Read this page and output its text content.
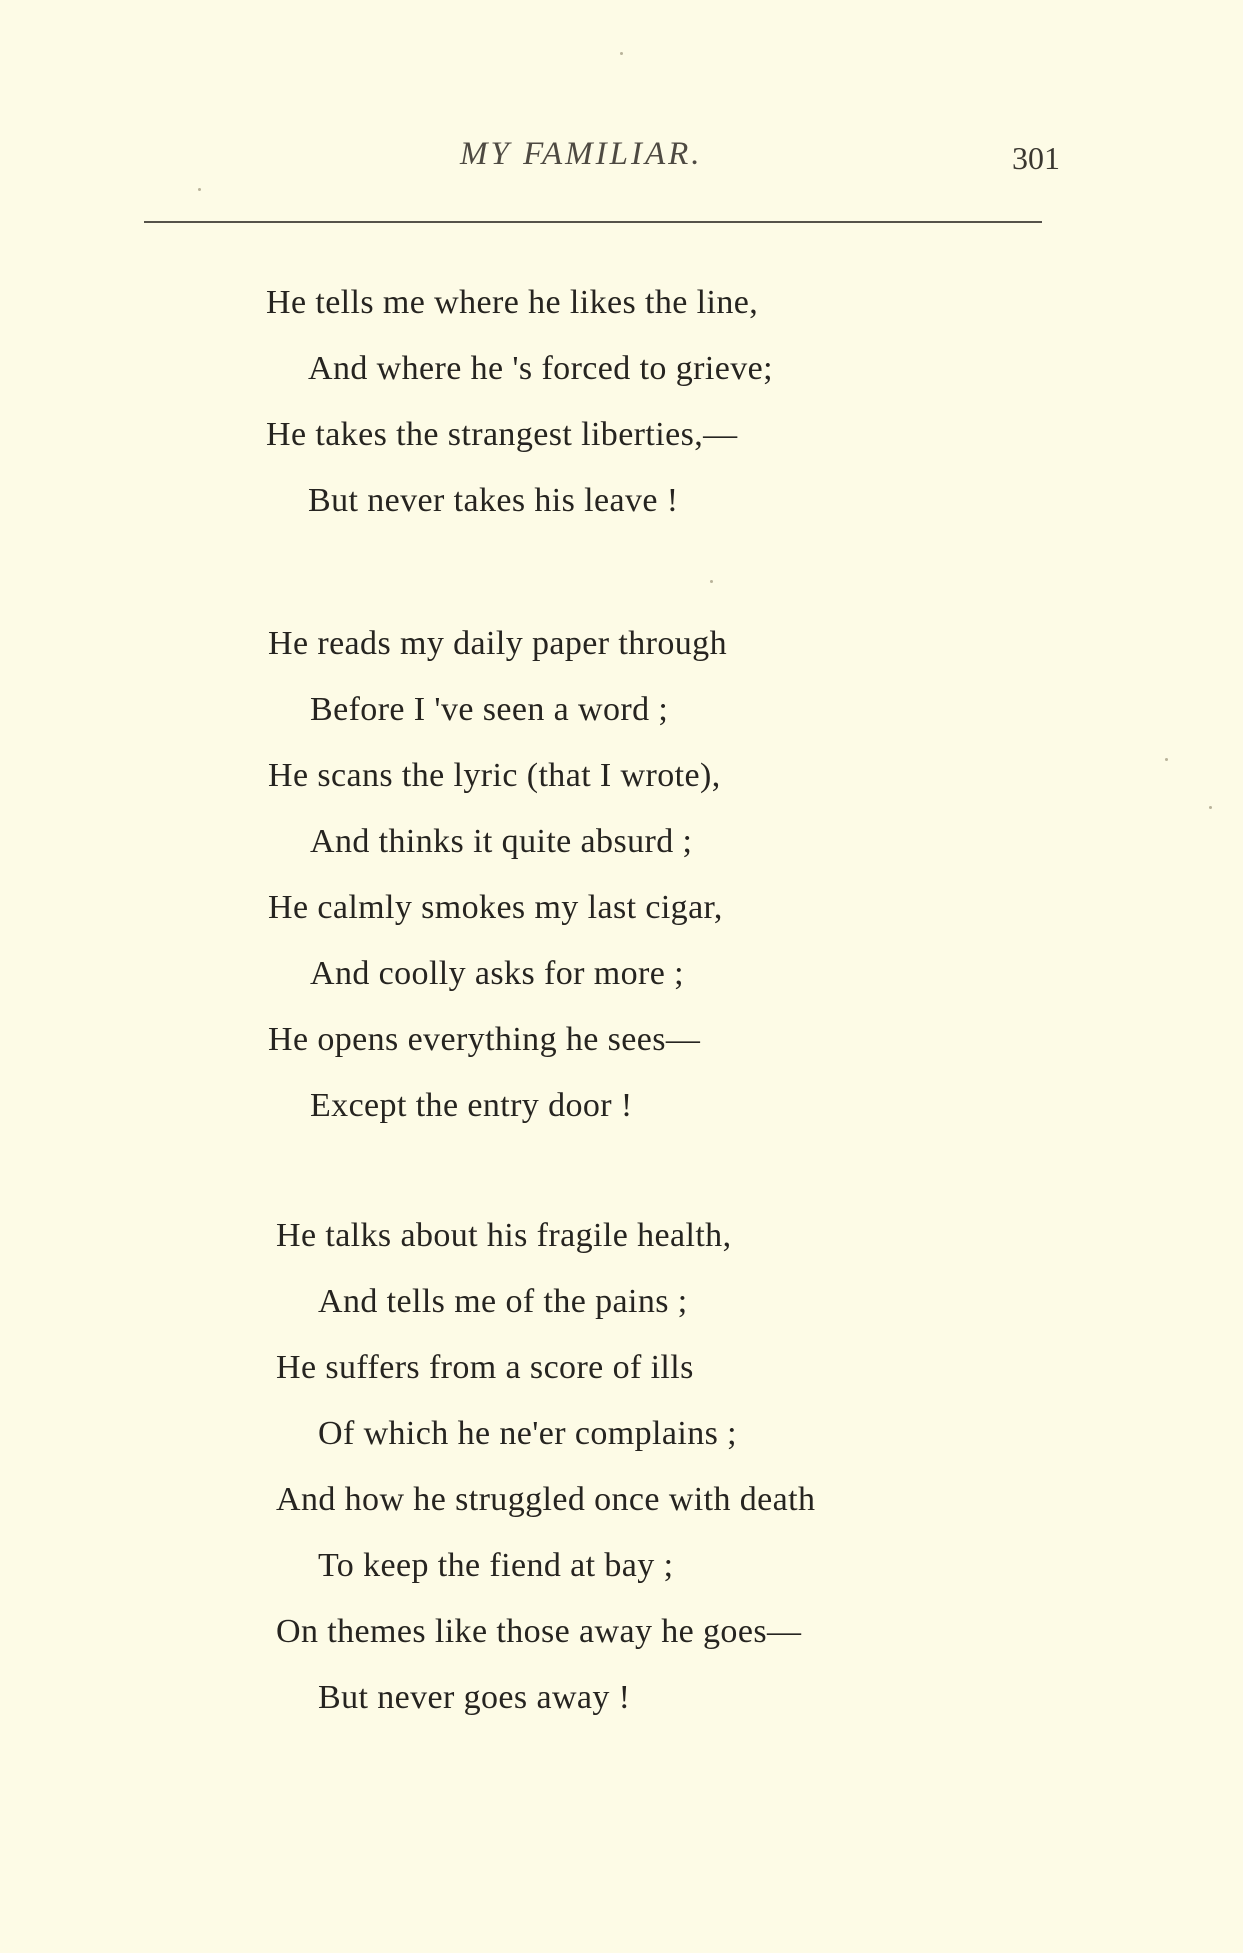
MY FAMILIAR.	301
He tells me where he likes the line,
And where he 's forced to grieve;
He takes the strangest liberties,—
But never takes his leave !
He reads my daily paper through
Before I 've seen a word ;
He scans the lyric (that I wrote),
And thinks it quite absurd ;
He calmly smokes my last cigar,
And coolly asks for more ;
He opens everything he sees—
Except the entry door !
He talks about his fragile health,
And tells me of the pains ;
He suffers from a score of ills
Of which he ne'er complains ;
And how he struggled once with death
To keep the fiend at bay ;
On themes like those away he goes—
But never goes away !
